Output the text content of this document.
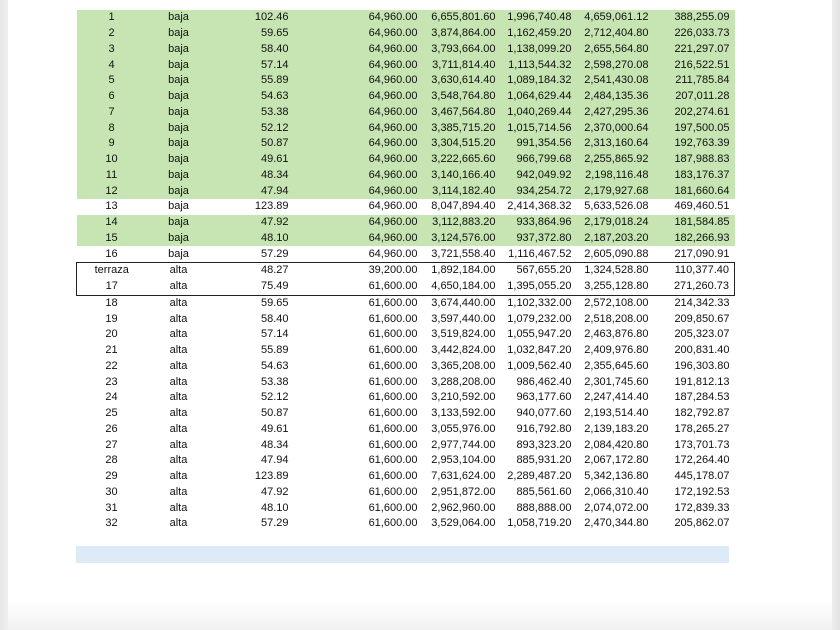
1	baja	102.46	64,960.00	6,655,801.60	1,996,740.48	4,659,061.12	388,255.09
2	baja	59.65	64,960.00	3,874,864.00	1,162,459.20	2,712,404.80	226,033.73
3	baja	58.40	64,960.00	3,793,664.00	1,138,099.20	2,655,564.80	221,297.07
4	baja	57.14	64,960.00	3,711,814.40	1,113,544.32	2,598,270.08	216,522.51
5	baja	55.89	64,960.00	3,630,614.40	1,089,184.32	2,541,430.08	211,785.84
6	baja	54.63	64,960.00	3,548,764.80	1,064,629.44	2,484,135.36	207,011.28
7	baja	53.38	64,960.00	3,467,564.80	1,040,269.44	2,427,295.36	202,274.61
8	baja	52.12	64,960.00	3,385,715.20	1,015,714.56	2,370,000.64	197,500.05
9	baja	50.87	64,960.00	3,304,515.20	991,354.56	2,313,160.64	192,763.39
10	baja	49.61	64,960.00	3,222,665.60	966,799.68	2,255,865.92	187,988.83
11	baja	48.34	64,960.00	3,140,166.40	942,049.92	2,198,116.48	183,176.37
12	baja	47.94	64,960.00	3,114,182.40	934,254.72	2,179,927.68	181,660.64
13	baja	123.89	64,960.00	8,047,894.40	2,414,368.32	5,633,526.08	469,460.51
14	baja	47.92	64,960.00	3,112,883.20	933,864.96	2,179,018.24	181,584.85
15	baja	48.10	64,960.00	3,124,576.00	937,372.80	2,187,203.20	182,266.93
16	baja	57.29	64,960.00	3,721,558.40	1,116,467.52	2,605,090.88	217,090.91
terraza	alta	48.27	39,200.00	1,892,184.00	567,655.20	1,324,528.80	110,377.40
17	alta	75.49	61,600.00	4,650,184.00	1,395,055.20	3,255,128.80	271,260.73
18	alta	59.65	61,600.00	3,674,440.00	1,102,332.00	2,572,108.00	214,342.33
19	alta	58.40	61,600.00	3,597,440.00	1,079,232.00	2,518,208.00	209,850.67
20	alta	57.14	61,600.00	3,519,824.00	1,055,947.20	2,463,876.80	205,323.07
21	alta	55.89	61,600.00	3,442,824.00	1,032,847.20	2,409,976.80	200,831.40
22	alta	54.63	61,600.00	3,365,208.00	1,009,562.40	2,355,645.60	196,303.80
23	alta	53.38	61,600.00	3,288,208.00	986,462.40	2,301,745.60	191,812.13
24	alta	52.12	61,600.00	3,210,592.00	963,177.60	2,247,414.40	187,284.53
25	alta	50.87	61,600.00	3,133,592.00	940,077.60	2,193,514.40	182,792.87
26	alta	49.61	61,600.00	3,055,976.00	916,792.80	2,139,183.20	178,265.27
27	alta	48.34	61,600.00	2,977,744.00	893,323.20	2,084,420.80	173,701.73
28	alta	47.94	61,600.00	2,953,104.00	885,931.20	2,067,172.80	172,264.40
29	alta	123.89	61,600.00	7,631,624.00	2,289,487.20	5,342,136.80	445,178.07
30	alta	47.92	61,600.00	2,951,872.00	885,561.60	2,066,310.40	172,192.53
31	alta	48.10	61,600.00	2,962,960.00	888,888.00	2,074,072.00	172,839.33
32	alta	57.29	61,600.00	3,529,064.00	1,058,719.20	2,470,344.80	205,862.07
